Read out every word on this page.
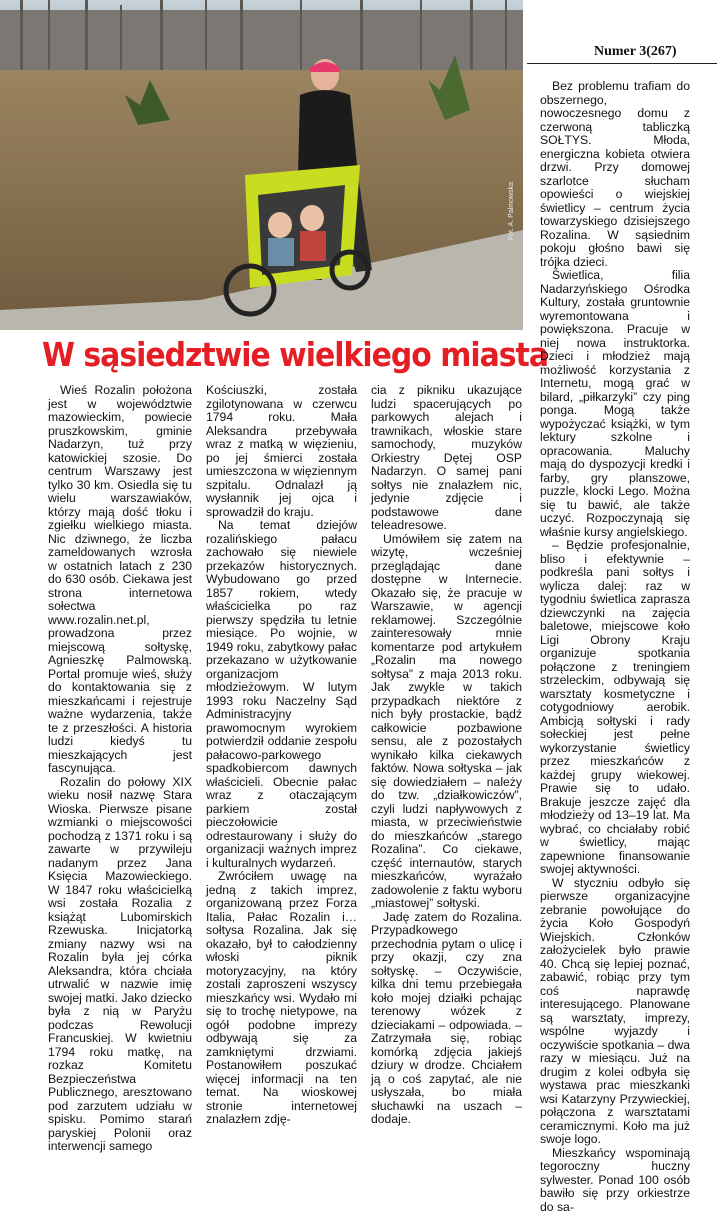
Fot. A. Palmowska
Numer 3(267)
W sąsiedztwie wielkiego miasta

Wieś Rozalin położona jest w województwie mazowieckim, powiecie pruszkowskim, gminie Nadarzyn, tuż przy katowickiej szosie. Do centrum Warszawy jest tylko 30 km. Osiedla się tu wielu warszawiaków, którzy mają dość tłoku i zgiełku wielkiego miasta. Nic dziwnego, że liczba zameldowanych wzrosła w ostatnich latach z 230 do 630 osób. Ciekawa jest strona internetowa sołectwa www.rozalin.net.pl, prowadzona przez miejscową sołtyskę, Agnieszkę Palmowską. Portal promuje wieś, służy do kontaktowania się z mieszkańcami i rejestruje ważne wydarzenia, także te z przeszłości. A historia ludzi kiedyś tu mieszkających jest fascynująca.

Rozalin do połowy XIX wieku nosił nazwę Stara Wioska. Pierwsze pisane wzmianki o miejscowości pochodzą z 1371 roku i są zawarte w przywileju nadanym przez Jana Księcia Mazowieckiego. W 1847 roku właścicielką wsi została Rozalia z książąt Lubomirskich Rzewuska. Inicjatorką zmiany nazwy wsi na Rozalin była jej córka Aleksandra, która chciała utrwalić w nazwie imię swojej matki. Jako dziecko była z nią w Paryżu podczas Rewolucji Francuskiej. W kwietniu 1794 roku matkę, na rozkaz Komitetu Bezpieczeństwa Publicznego, aresztowano pod zarzutem udziału w spisku. Pomimo starań paryskiej Polonii oraz interwencji samego

Kościuszki, została zgilotynowana w czerwcu 1794 roku. Mała Aleksandra przebywała wraz z matką w więzieniu, po jej śmierci została umieszczona w więziennym szpitalu. Odnalazł ją wysłannik jej ojca i sprowadził do kraju.

Na temat dziejów rozalińskiego pałacu zachowało się niewiele przekazów historycznych. Wybudowano go przed 1857 rokiem, wtedy właścicielka po raz pierwszy spędziła tu letnie miesiące. Po wojnie, w 1949 roku, zabytkowy pałac przekazano w użytkowanie organizacjom młodzieżowym. W lutym 1993 roku Naczelny Sąd Administracyjny prawomocnym wyrokiem potwierdził oddanie zespołu pałacowo-parkowego spadkobiercom dawnych właścicieli. Obecnie pałac wraz z otaczającym parkiem został pieczołowicie odrestaurowany i służy do organizacji ważnych imprez i kulturalnych wydarzeń.

Zwróciłem uwagę na jedną z takich imprez, organizowaną przez Forza Italia, Pałac Rozalin i… sołtysa Rozalina. Jak się okazało, był to całodzienny włoski piknik motoryzacyjny, na który zostali zaproszeni wszyscy mieszkańcy wsi. Wydało mi się to trochę nietypowe, na ogół podobne imprezy odbywają się za zamkniętymi drzwiami. Postanowiłem poszukać więcej informacji na ten temat. Na wioskowej stronie internetowej znalazłem zdję-

cia z pikniku ukazujące ludzi spacerujących po parkowych alejach i trawnikach, włoskie stare samochody, muzyków Orkiestry Dętej OSP Nadarzyn. O samej pani sołtys nie znalazłem nic, jedynie zdjęcie i podstawowe dane teleadresowe.

Umówiłem się zatem na wizytę, wcześniej przeglądając dane dostępne w Internecie. Okazało się, że pracuje w Warszawie, w agencji reklamowej. Szczególnie zainteresowały mnie komentarze pod artykułem „Rozalin ma nowego sołtysa” z maja 2013 roku. Jak zwykle w takich przypadkach niektóre z nich były prostackie, bądź całkowicie pozbawione sensu, ale z pozostałych wynikało kilka ciekawych faktów. Nowa sołtyska – jak się dowiedziałem – należy do tzw. „działkowiczów”, czyli ludzi napływowych z miasta, w przeciwieństwie do mieszkańców „starego Rozalina”. Co ciekawe, część internautów, starych mieszkańców, wyrażało zadowolenie z faktu wyboru „miastowej” sołtyski.

Jadę zatem do Rozalina. Przypadkowego przechodnia pytam o ulicę i przy okazji, czy zna sołtyskę. – Oczywiście, kilka dni temu przebiegała koło mojej działki pchając terenowy wózek z dzieciakami – odpowiada. – Zatrzymała się, robiąc komórką zdjęcia jakiejś dziury w drodze. Chciałem ją o coś zapytać, ale nie usłyszała, bo miała słuchawki na uszach – dodaje.

Bez problemu trafiam do obszernego, nowoczesnego domu z czerwoną tabliczką SOŁTYS. Młoda, energiczna kobieta otwiera drzwi. Przy domowej szarlotce słucham opowieści o wiejskiej świetlicy – centrum życia towarzyskiego dzisiejszego Rozalina. W sąsiednim pokoju głośno bawi się trójka dzieci.

Świetlica, filia Nadarzyńskiego Ośrodka Kultury, została gruntownie wyremontowana i powiększona. Pracuje w niej nowa instruktorka. Dzieci i młodzież mają możliwość korzystania z Internetu, mogą grać w bilard, „piłkarzyki” czy ping ponga. Mogą także wypożyczać książki, w tym lektury szkolne i opracowania. Maluchy mają do dyspozycji kredki i farby, gry planszowe, puzzle, klocki Lego. Można się tu bawić, ale także uczyć. Rozpoczynają się właśnie kursy angielskiego.

– Będzie profesjonalnie, bliso i efektywnie – podkreśla pani sołtys i wylicza dalej: raz w tygodniu świetlica zaprasza dziewczynki na zajęcia baletowe, miejscowe koło Ligi Obrony Kraju organizuje spotkania połączone z treningiem strzeleckim, odbywają się warsztaty kosmetyczne i cotygodniowy aerobik. Ambicją sołtyski i rady sołeckiej jest pełne wykorzystanie świetlicy przez mieszkańców z każdej grupy wiekowej. Prawie się to udało. Brakuje jeszcze zajęć dla młodzieży od 13–19 lat. Ma wybrać, co chciałaby robić w świetlicy, mając zapewnione finansowanie swojej aktywności.

W styczniu odbyło się pierwsze organizacyjne zebranie powołujące do życia Koło Gospodyń Wiejskich. Członków założycielek było prawie 40. Chcą się lepiej poznać, zabawić, robiąc przy tym coś naprawdę interesującego. Planowane są warsztaty, imprezy, wspólne wyjazdy i oczywiście spotkania – dwa razy w miesiącu. Już na drugim z kolei odbyła się wystawa prac mieszkanki wsi Katarzyny Przywieckiej, połączona z warsztatami ceramicznymi. Koło ma już swoje logo.

Mieszkańcy wspominają tegoroczny huczny sylwester. Ponad 100 osób bawiło się przy orkiestrze do sa-
